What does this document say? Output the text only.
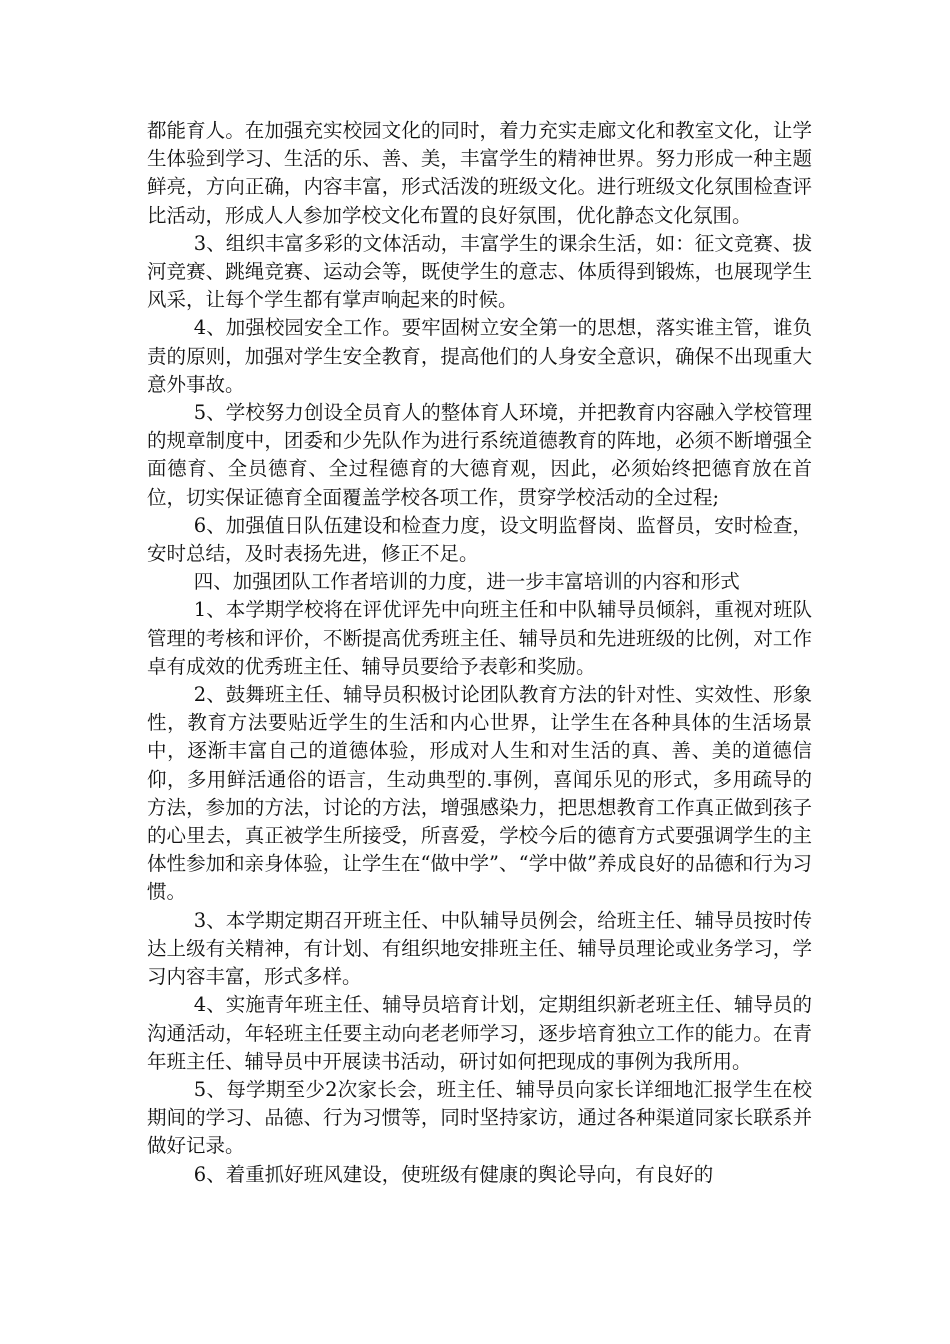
都能育人。在加强充实校园文化的同时，着力充实走廊文化和教室文化，让学生体验到学习、生活的乐、善、美，丰富学生的精神世界。努力形成一种主题鲜亮，方向正确，内容丰富，形式活泼的班级文化。进行班级文化氛围检查评比活动，形成人人参加学校文化布置的良好氛围，优化静态文化氛围。

3、组织丰富多彩的文体活动，丰富学生的课余生活，如：征文竞赛、拔河竞赛、跳绳竞赛、运动会等，既使学生的意志、体质得到锻炼，也展现学生风采，让每个学生都有掌声响起来的时候。

4、加强校园安全工作。要牢固树立安全第一的思想，落实谁主管，谁负责的原则，加强对学生安全教育，提高他们的人身安全意识，确保不出现重大意外事故。

5、学校努力创设全员育人的整体育人环境，并把教育内容融入学校管理的规章制度中，团委和少先队作为进行系统道德教育的阵地，必须不断增强全面德育、全员德育、全过程德育的大德育观，因此，必须始终把德育放在首位，切实保证德育全面覆盖学校各项工作，贯穿学校活动的全过程;

6、加强值日队伍建设和检查力度，设文明监督岗、监督员，安时检查，安时总结，及时表扬先进，修正不足。

四、加强团队工作者培训的力度，进一步丰富培训的内容和形式

1、本学期学校将在评优评先中向班主任和中队辅导员倾斜，重视对班队管理的考核和评价，不断提高优秀班主任、辅导员和先进班级的比例，对工作卓有成效的优秀班主任、辅导员要给予表彰和奖励。

2、鼓舞班主任、辅导员积极讨论团队教育方法的针对性、实效性、形象性，教育方法要贴近学生的生活和内心世界，让学生在各种具体的生活场景中，逐渐丰富自己的道德体验，形成对人生和对生活的真、善、美的道德信仰，多用鲜活通俗的语言，生动典型的.事例，喜闻乐见的形式，多用疏导的方法，参加的方法，讨论的方法，增强感染力，把思想教育工作真正做到孩子的心里去，真正被学生所接受，所喜爱，学校今后的德育方式要强调学生的主体性参加和亲身体验，让学生在“做中学”、“学中做”养成良好的品德和行为习惯。

3、本学期定期召开班主任、中队辅导员例会，给班主任、辅导员按时传达上级有关精神，有计划、有组织地安排班主任、辅导员理论或业务学习，学习内容丰富，形式多样。

4、实施青年班主任、辅导员培育计划，定期组织新老班主任、辅导员的沟通活动，年轻班主任要主动向老老师学习，逐步培育独立工作的能力。在青年班主任、辅导员中开展读书活动，研讨如何把现成的事例为我所用。

5、每学期至少2次家长会，班主任、辅导员向家长详细地汇报学生在校期间的学习、品德、行为习惯等，同时坚持家访，通过各种渠道同家长联系并做好记录。

6、着重抓好班风建设，使班级有健康的舆论导向，有良好的
